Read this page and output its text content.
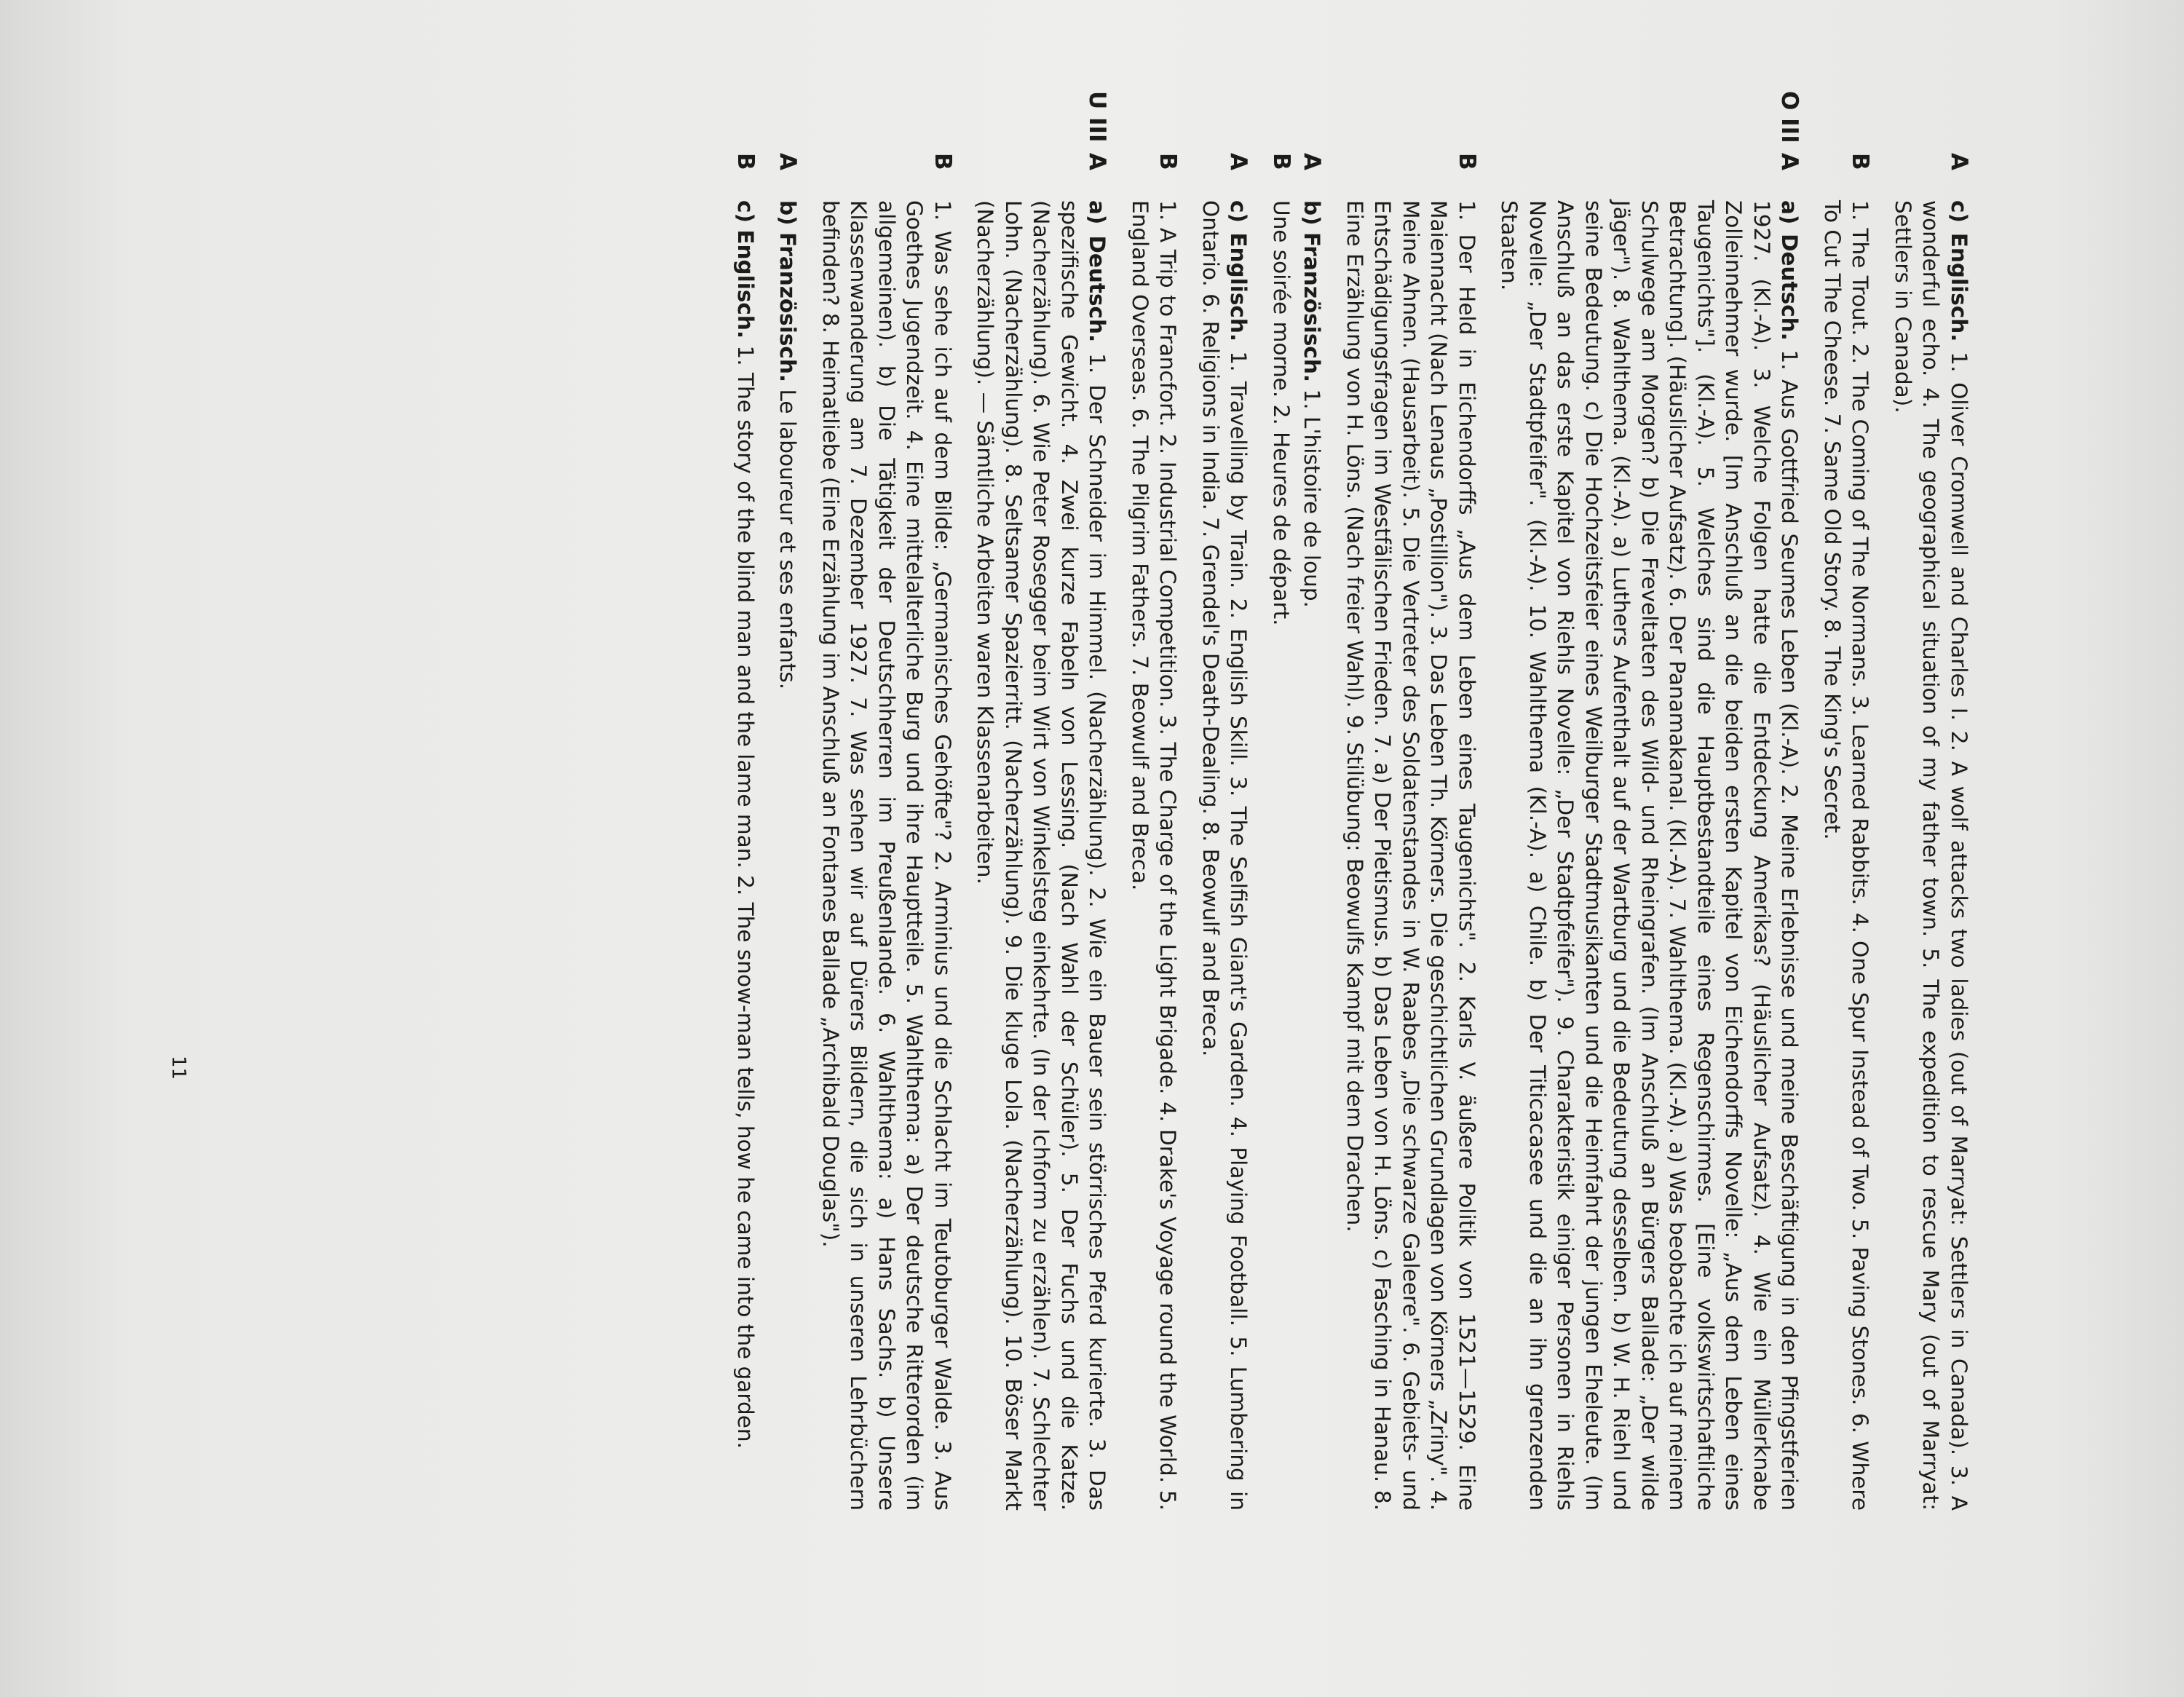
A
c) Englisch. 1. Oliver Cromwell and Charles I. 2. A wolf attacks two ladies (out of Marryat: Settlers in Canada). 3. A wonderful echo. 4. The geographical situation of my father town. 5. The expedition to rescue Mary (out of Marryat: Settlers in Canada).
B
1. The Trout. 2. The Coming of The Normans. 3. Learned Rabbits. 4. One Spur Instead of Two. 5. Paving Stones. 6. Where To Cut The Cheese. 7. Same Old Story. 8. The King's Secret.
O III
A
a) Deutsch. 1. Aus Gottfried Seumes Leben (Kl.-A). 2. Meine Erlebnisse und meine Beschäftigung in den Pfingstferien 1927. (Kl.-A). 3. Welche Folgen hatte die Entdeckung Amerikas? (Häuslicher Aufsatz). 4. Wie ein Müllerknabe Zolleinnehmer wurde. [Im Anschluß an die beiden ersten Kapitel von Eichendorffs Novelle: „Aus dem Leben eines Taugenichts"]. (Kl.-A). 5. Welches sind die Hauptbestandteile eines Regenschirmes. [Eine volkswirtschaftliche Betrachtung]. (Häuslicher Aufsatz). 6. Der Panamakanal. (Kl.-A). 7. Wahlthema. (Kl.-A). a) Was beobachte ich auf meinem Schulwege am Morgen? b) Die Freveltaten des Wild- und Rheingrafen. (Im Anschluß an Bürgers Ballade: „Der wilde Jäger"). 8. Wahlthema. (Kl.-A). a) Luthers Aufenthalt auf der Wartburg und die Bedeutung desselben. b) W. H. Riehl und seine Bedeutung. c) Die Hochzeitsfeier eines Weilburger Stadtmusikanten und die Heimfahrt der jungen Eheleute. (Im Anschluß an das erste Kapitel von Riehls Novelle: „Der Stadtpfeifer"). 9. Charakteristik einiger Personen in Riehls Novelle: „Der Stadtpfeifer". (Kl.-A). 10. Wahlthema (Kl.-A). a) Chile. b) Der Titicacasee und die an ihn grenzenden Staaten.
B
1. Der Held in Eichendorffs „Aus dem Leben eines Taugenichts". 2. Karls V. äußere Politik von 1521—1529. Eine Maiennacht (Nach Lenaus „Postillion"). 3. Das Leben Th. Körners. Die geschichtlichen Grundlagen von Körners „Zriny". 4. Meine Ahnen. (Hausarbeit). 5. Die Vertreter des Soldatenstandes in W. Raabes „Die schwarze Galeere". 6. Gebiets- und Entschädigungsfragen im Westfälischen Frieden. 7. a) Der Pietismus. b) Das Leben von H. Löns. c) Fasching in Hanau. 8. Eine Erzählung von H. Löns. (Nach freier Wahl). 9. Stilübung: Beowulfs Kampf mit dem Drachen.
A
b) Französisch. 1. L'histoire de loup.
B
Une soirée morne. 2. Heures de départ.
A
c) Englisch. 1. Travelling by Train. 2. English Skill. 3. The Selfish Giant's Garden. 4. Playing Football. 5. Lumbering in Ontario. 6. Religions in India. 7. Grendel's Death-Dealing. 8. Beowulf and Breca.
B
1. A Trip to Francfort. 2. Industrial Competition. 3. The Charge of the Light Brigade. 4. Drake's Voyage round the World. 5. England Overseas. 6. The Pilgrim Fathers. 7. Beowulf and Breca.
U III
A
a) Deutsch. 1. Der Schneider im Himmel. (Nacherzählung). 2. Wie ein Bauer sein störrisches Pferd kurierte. 3. Das spezifische Gewicht. 4. Zwei kurze Fabeln von Lessing. (Nach Wahl der Schüler). 5. Der Fuchs und die Katze. (Nacherzählung). 6. Wie Peter Rosegger beim Wirt von Winkelsteg einkehrte. (In der Ichform zu erzählen). 7. Schlechter Lohn. (Nacherzählung). 8. Seltsamer Spazierritt. (Nacherzählung). 9. Die kluge Lola. (Nacherzählung). 10. Böser Markt (Nacherzählung). — Sämtliche Arbeiten waren Klassenarbeiten.
B
1. Was sehe ich auf dem Bilde: „Germanisches Gehöfte"? 2. Arminius und die Schlacht im Teutoburger Walde. 3. Aus Goethes Jugendzeit. 4. Eine mittelalterliche Burg und ihre Hauptteile. 5. Wahlthema: a) Der deutsche Ritterorden (im allgemeinen). b) Die Tätigkeit der Deutschherren im Preußenlande. 6. Wahlthema: a) Hans Sachs. b) Unsere Klassenwanderung am 7. Dezember 1927. 7. Was sehen wir auf Dürers Bildern, die sich in unseren Lehrbüchern befinden? 8. Heimatliebe (Eine Erzählung im Anschluß an Fontanes Ballade „Archibald Douglas").
A
b) Französisch. Le laboureur et ses enfants.
B
c) Englisch. 1. The story of the blind man and the lame man. 2. The snow-man tells, how he came into the garden.
11
